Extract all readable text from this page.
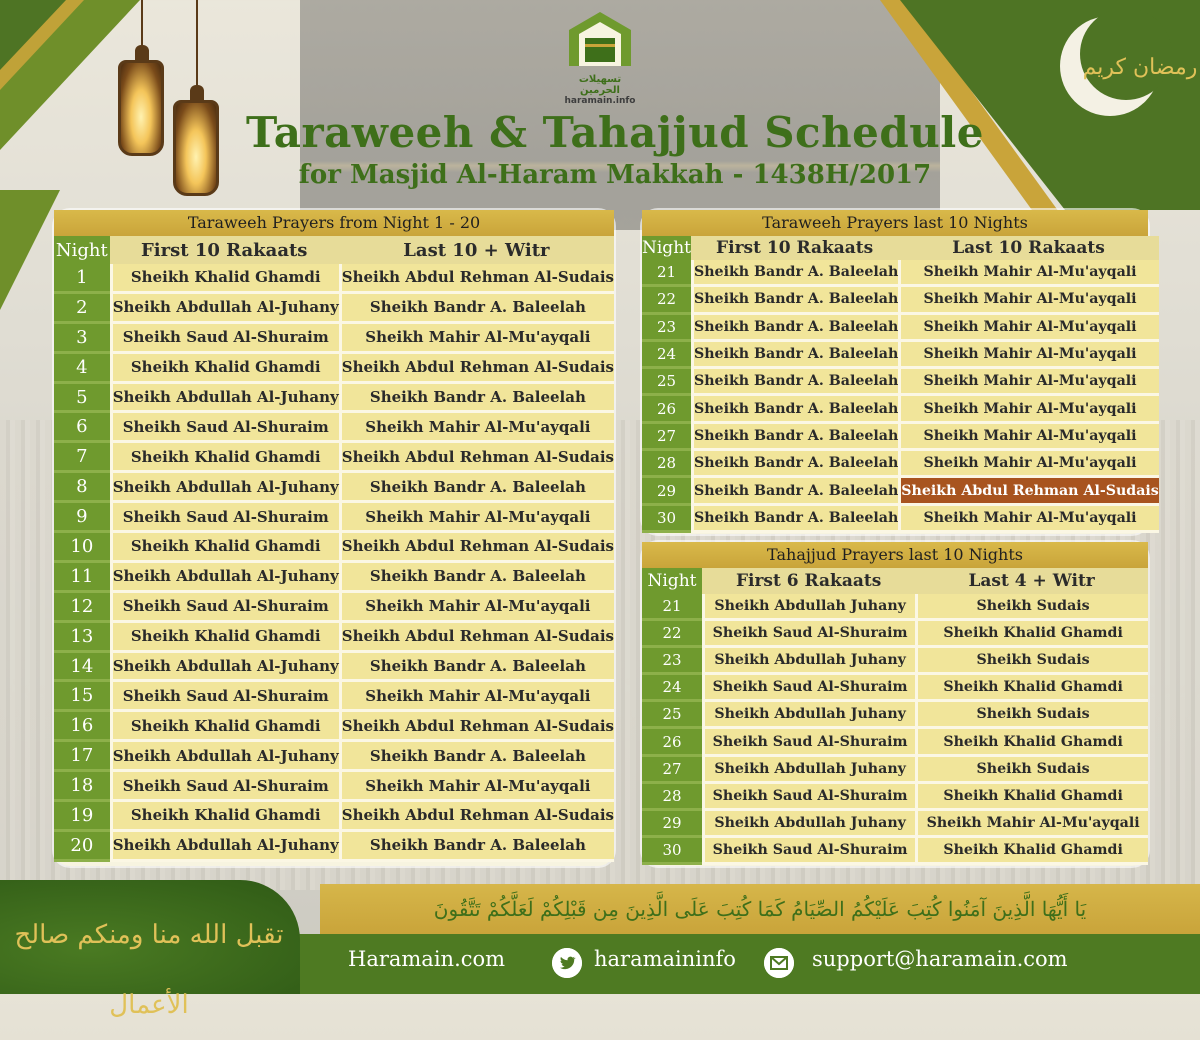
رمضان كريم
تسهيلات الحرمين
haramain.info
Taraweeh & Tahajjud Schedule
for Masjid Al-Haram Makkah - 1438H/2017
Taraweeh Prayers from Night 1 - 20
Night	First 10 Rakaats	Last 10 + Witr
1	Sheikh Khalid Ghamdi	Sheikh Abdul Rehman Al-Sudais
2	Sheikh Abdullah Al-Juhany	Sheikh Bandr A. Baleelah
3	Sheikh Saud Al-Shuraim	Sheikh Mahir Al-Mu'ayqali
4	Sheikh Khalid Ghamdi	Sheikh Abdul Rehman Al-Sudais
5	Sheikh Abdullah Al-Juhany	Sheikh Bandr A. Baleelah
6	Sheikh Saud Al-Shuraim	Sheikh Mahir Al-Mu'ayqali
7	Sheikh Khalid Ghamdi	Sheikh Abdul Rehman Al-Sudais
8	Sheikh Abdullah Al-Juhany	Sheikh Bandr A. Baleelah
9	Sheikh Saud Al-Shuraim	Sheikh Mahir Al-Mu'ayqali
10	Sheikh Khalid Ghamdi	Sheikh Abdul Rehman Al-Sudais
11	Sheikh Abdullah Al-Juhany	Sheikh Bandr A. Baleelah
12	Sheikh Saud Al-Shuraim	Sheikh Mahir Al-Mu'ayqali
13	Sheikh Khalid Ghamdi	Sheikh Abdul Rehman Al-Sudais
14	Sheikh Abdullah Al-Juhany	Sheikh Bandr A. Baleelah
15	Sheikh Saud Al-Shuraim	Sheikh Mahir Al-Mu'ayqali
16	Sheikh Khalid Ghamdi	Sheikh Abdul Rehman Al-Sudais
17	Sheikh Abdullah Al-Juhany	Sheikh Bandr A. Baleelah
18	Sheikh Saud Al-Shuraim	Sheikh Mahir Al-Mu'ayqali
19	Sheikh Khalid Ghamdi	Sheikh Abdul Rehman Al-Sudais
20	Sheikh Abdullah Al-Juhany	Sheikh Bandr A. Baleelah
Taraweeh Prayers last 10 Nights
Night	First 10 Rakaats	Last 10 Rakaats
21	Sheikh Bandr A. Baleelah	Sheikh Mahir Al-Mu'ayqali
22	Sheikh Bandr A. Baleelah	Sheikh Mahir Al-Mu'ayqali
23	Sheikh Bandr A. Baleelah	Sheikh Mahir Al-Mu'ayqali
24	Sheikh Bandr A. Baleelah	Sheikh Mahir Al-Mu'ayqali
25	Sheikh Bandr A. Baleelah	Sheikh Mahir Al-Mu'ayqali
26	Sheikh Bandr A. Baleelah	Sheikh Mahir Al-Mu'ayqali
27	Sheikh Bandr A. Baleelah	Sheikh Mahir Al-Mu'ayqali
28	Sheikh Bandr A. Baleelah	Sheikh Mahir Al-Mu'ayqali
29	Sheikh Bandr A. Baleelah	Sheikh Abdul Rehman Al-Sudais
30	Sheikh Bandr A. Baleelah	Sheikh Mahir Al-Mu'ayqali
Tahajjud Prayers last 10 Nights
Night	First 6 Rakaats	Last 4 + Witr
21	Sheikh Abdullah Juhany	Sheikh Sudais
22	Sheikh Saud Al-Shuraim	Sheikh Khalid Ghamdi
23	Sheikh Abdullah Juhany	Sheikh Sudais
24	Sheikh Saud Al-Shuraim	Sheikh Khalid Ghamdi
25	Sheikh Abdullah Juhany	Sheikh Sudais
26	Sheikh Saud Al-Shuraim	Sheikh Khalid Ghamdi
27	Sheikh Abdullah Juhany	Sheikh Sudais
28	Sheikh Saud Al-Shuraim	Sheikh Khalid Ghamdi
29	Sheikh Abdullah Juhany	Sheikh Mahir Al-Mu'ayqali
30	Sheikh Saud Al-Shuraim	Sheikh Khalid Ghamdi
يَا أَيُّهَا الَّذِينَ آمَنُوا كُتِبَ عَلَيْكُمُ الصِّيَامُ كَمَا كُتِبَ عَلَى الَّذِينَ مِن قَبْلِكُمْ لَعَلَّكُمْ تَتَّقُونَ
تقبل الله منا ومنكم صالح الأعمال
Haramain.com	haramaininfo	support@haramain.com
